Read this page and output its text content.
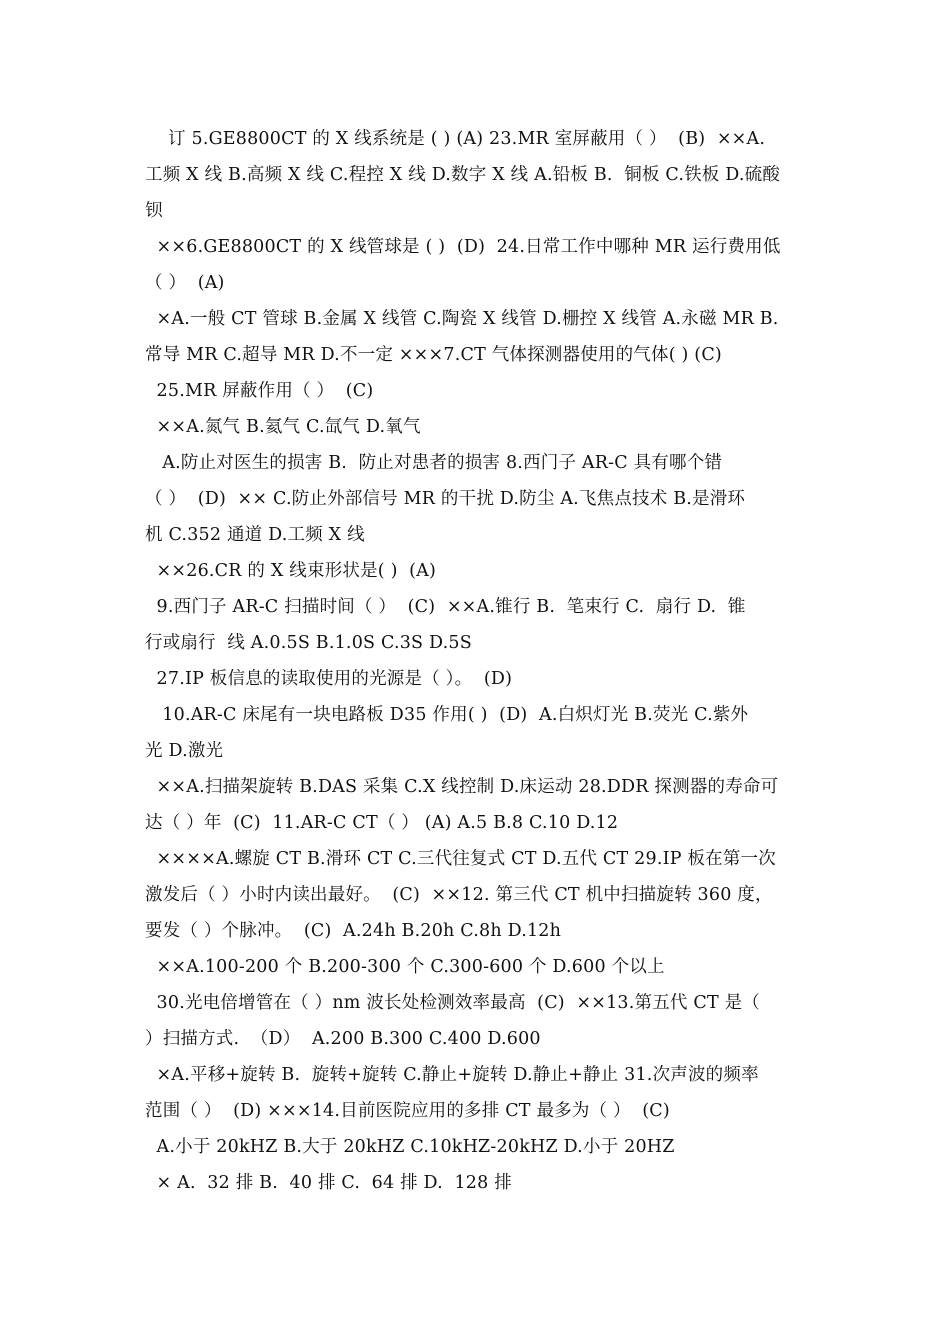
订 5.GE8800CT 的 X 线系统是 ( ) (A) 23.MR 室屏蔽用（ ）  (B)  ××A.
工频 X 线 B.高频 X 线 C.程控 X 线 D.数字 X 线 A.铅板 B.  铜板 C.铁板 D.硫酸
钡
××6.GE8800CT 的 X 线管球是 ( )  (D)  24.日常工作中哪种 MR 运行费用低
（ ）  (A)
×A.一般 CT 管球 B.金属 X 线管 C.陶瓷 X 线管 D.栅控 X 线管 A.永磁 MR B.
常导 MR C.超导 MR D.不一定 ×××7.CT 气体探测器使用的气体( ) (C)
25.MR 屏蔽作用（ ）  (C)
××A.氮气 B.氦气 C.氙气 D.氧气
A.防止对医生的损害 B.  防止对患者的损害 8.西门子 AR-C 具有哪个错
（ ）  (D)  ×× C.防止外部信号 MR 的干扰 D.防尘 A.飞焦点技术 B.是滑环
机 C.352 通道 D.工频 X 线
××26.CR 的 X 线束形状是( )  (A)
9.西门子 AR-C 扫描时间（ ）  (C)  ××A.锥行 B.  笔束行 C.  扇行 D.  锥
行或扇行  线 A.0.5S B.1.0S C.3S D.5S
27.IP 板信息的读取使用的光源是（ ）。  (D)
10.AR-C 床尾有一块电路板 D35 作用( )  (D)  A.白炽灯光 B.荧光 C.紫外
光 D.激光
××A.扫描架旋转 B.DAS 采集 C.X 线控制 D.床运动 28.DDR 探测器的寿命可
达（ ）年  (C)  11.AR-C CT（ ） (A) A.5 B.8 C.10 D.12
××××A.螺旋 CT B.滑环 CT C.三代往复式 CT D.五代 CT 29.IP 板在第一次
激发后（ ）小时内读出最好。  (C)  ××12. 第三代 CT 机中扫描旋转 360 度，
要发（ ）个脉冲。  (C)  A.24h B.20h C.8h D.12h
××A.100-200 个 B.200-300 个 C.300-600 个 D.600 个以上
30.光电倍增管在（ ）nm 波长处检测效率最高  (C)  ××13.第五代 CT 是（
）扫描方式.  （D）  A.200 B.300 C.400 D.600
×A.平移+旋转 B.  旋转+旋转 C.静止+旋转 D.静止+静止 31.次声波的频率
范围（ ）  (D) ×××14.目前医院应用的多排 CT 最多为（ ）  (C)
A.小于 20kHZ B.大于 20kHZ C.10kHZ-20kHZ D.小于 20HZ
× A.  32 排 B.  40 排 C.  64 排 D.  128 排
